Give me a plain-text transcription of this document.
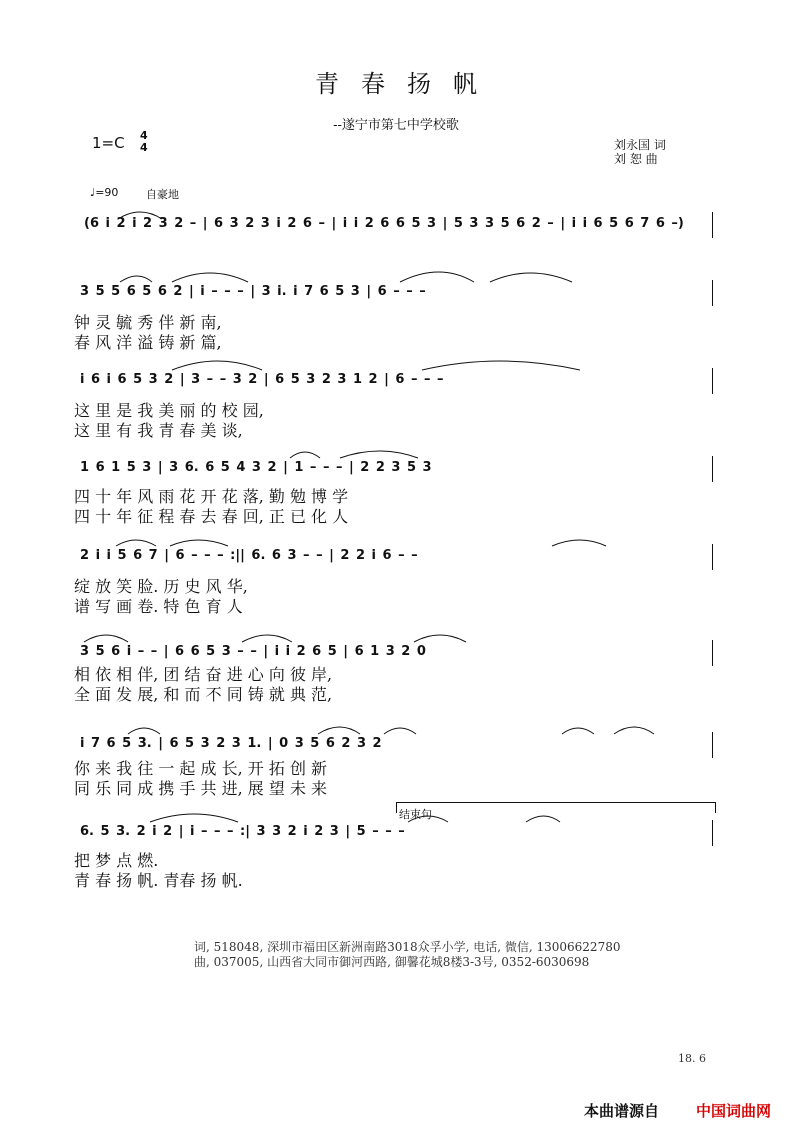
青春扬帆
--遂宁市第七中学校歌
1=C 4
4	刘永国 词
刘 恕 曲
♩=90	自豪地
(6 i 2 i 2 3 2 – | 6 3 2 3 i 2 6 – | i i 2 6 6 5 3 | 5 3 3 5 6 2 – | i i 6 5 6 7 6 –)
3 5 5 6 5 6 2 | i – – – | 3 i. i 7 6 5 3 | 6 – – –
钟 灵 毓 秀 伴 新 南,
春 风 洋 溢 铸 新 篇,
i 6 i 6 5 3 2 | 3 – – 3 2 | 6 5 3 2 3 1 2 | 6 – – –
这 里 是 我 美 丽 的 校 园,
这 里 有 我 青 春 美 谈,
1 6 1 5 3 | 3 6. 6 5 4 3 2 | 1 – – – | 2 2 3 5 3
四 十 年 风 雨 花 开 花 落, 勤 勉 博 学
四 十 年 征 程 春 去 春 回, 正 已 化 人
2 i i 5 6 7 | 6 – – – :|| 6. 6 3 – – | 2 2 i 6 – –
绽 放 笑 脸. 历 史 风 华,
谱 写 画 卷. 特 色 育 人
3 5 6 i – – | 6 6 5 3 – – | i i 2 6 5 | 6 1 3 2 0
相 依 相 伴, 团 结 奋 进 心 向 彼 岸,
全 面 发 展, 和 而 不 同 铸 就 典 范,
i 7 6 5 3. | 6 5 3 2 3 1. | 0 3 5 6 2 3 2
你 来 我 往 一 起 成 长, 开 拓 创 新
同 乐 同 成 携 手 共 进, 展 望 未 来
结束句
6. 5 3. 2 i 2 | i – – – :| 3 3 2 i 2 3 | 5 – – –
把 梦 点 燃.
青 春 扬 帆. 青春 扬 帆.
词, 518048, 深圳市福田区新洲南路3018众孚小学, 电话, 微信, 13006622780
曲, 037005, 山西省大同市御河西路, 御馨花城8楼3-3号, 0352-6030698
18. 6
本曲谱源自 中国词曲网
